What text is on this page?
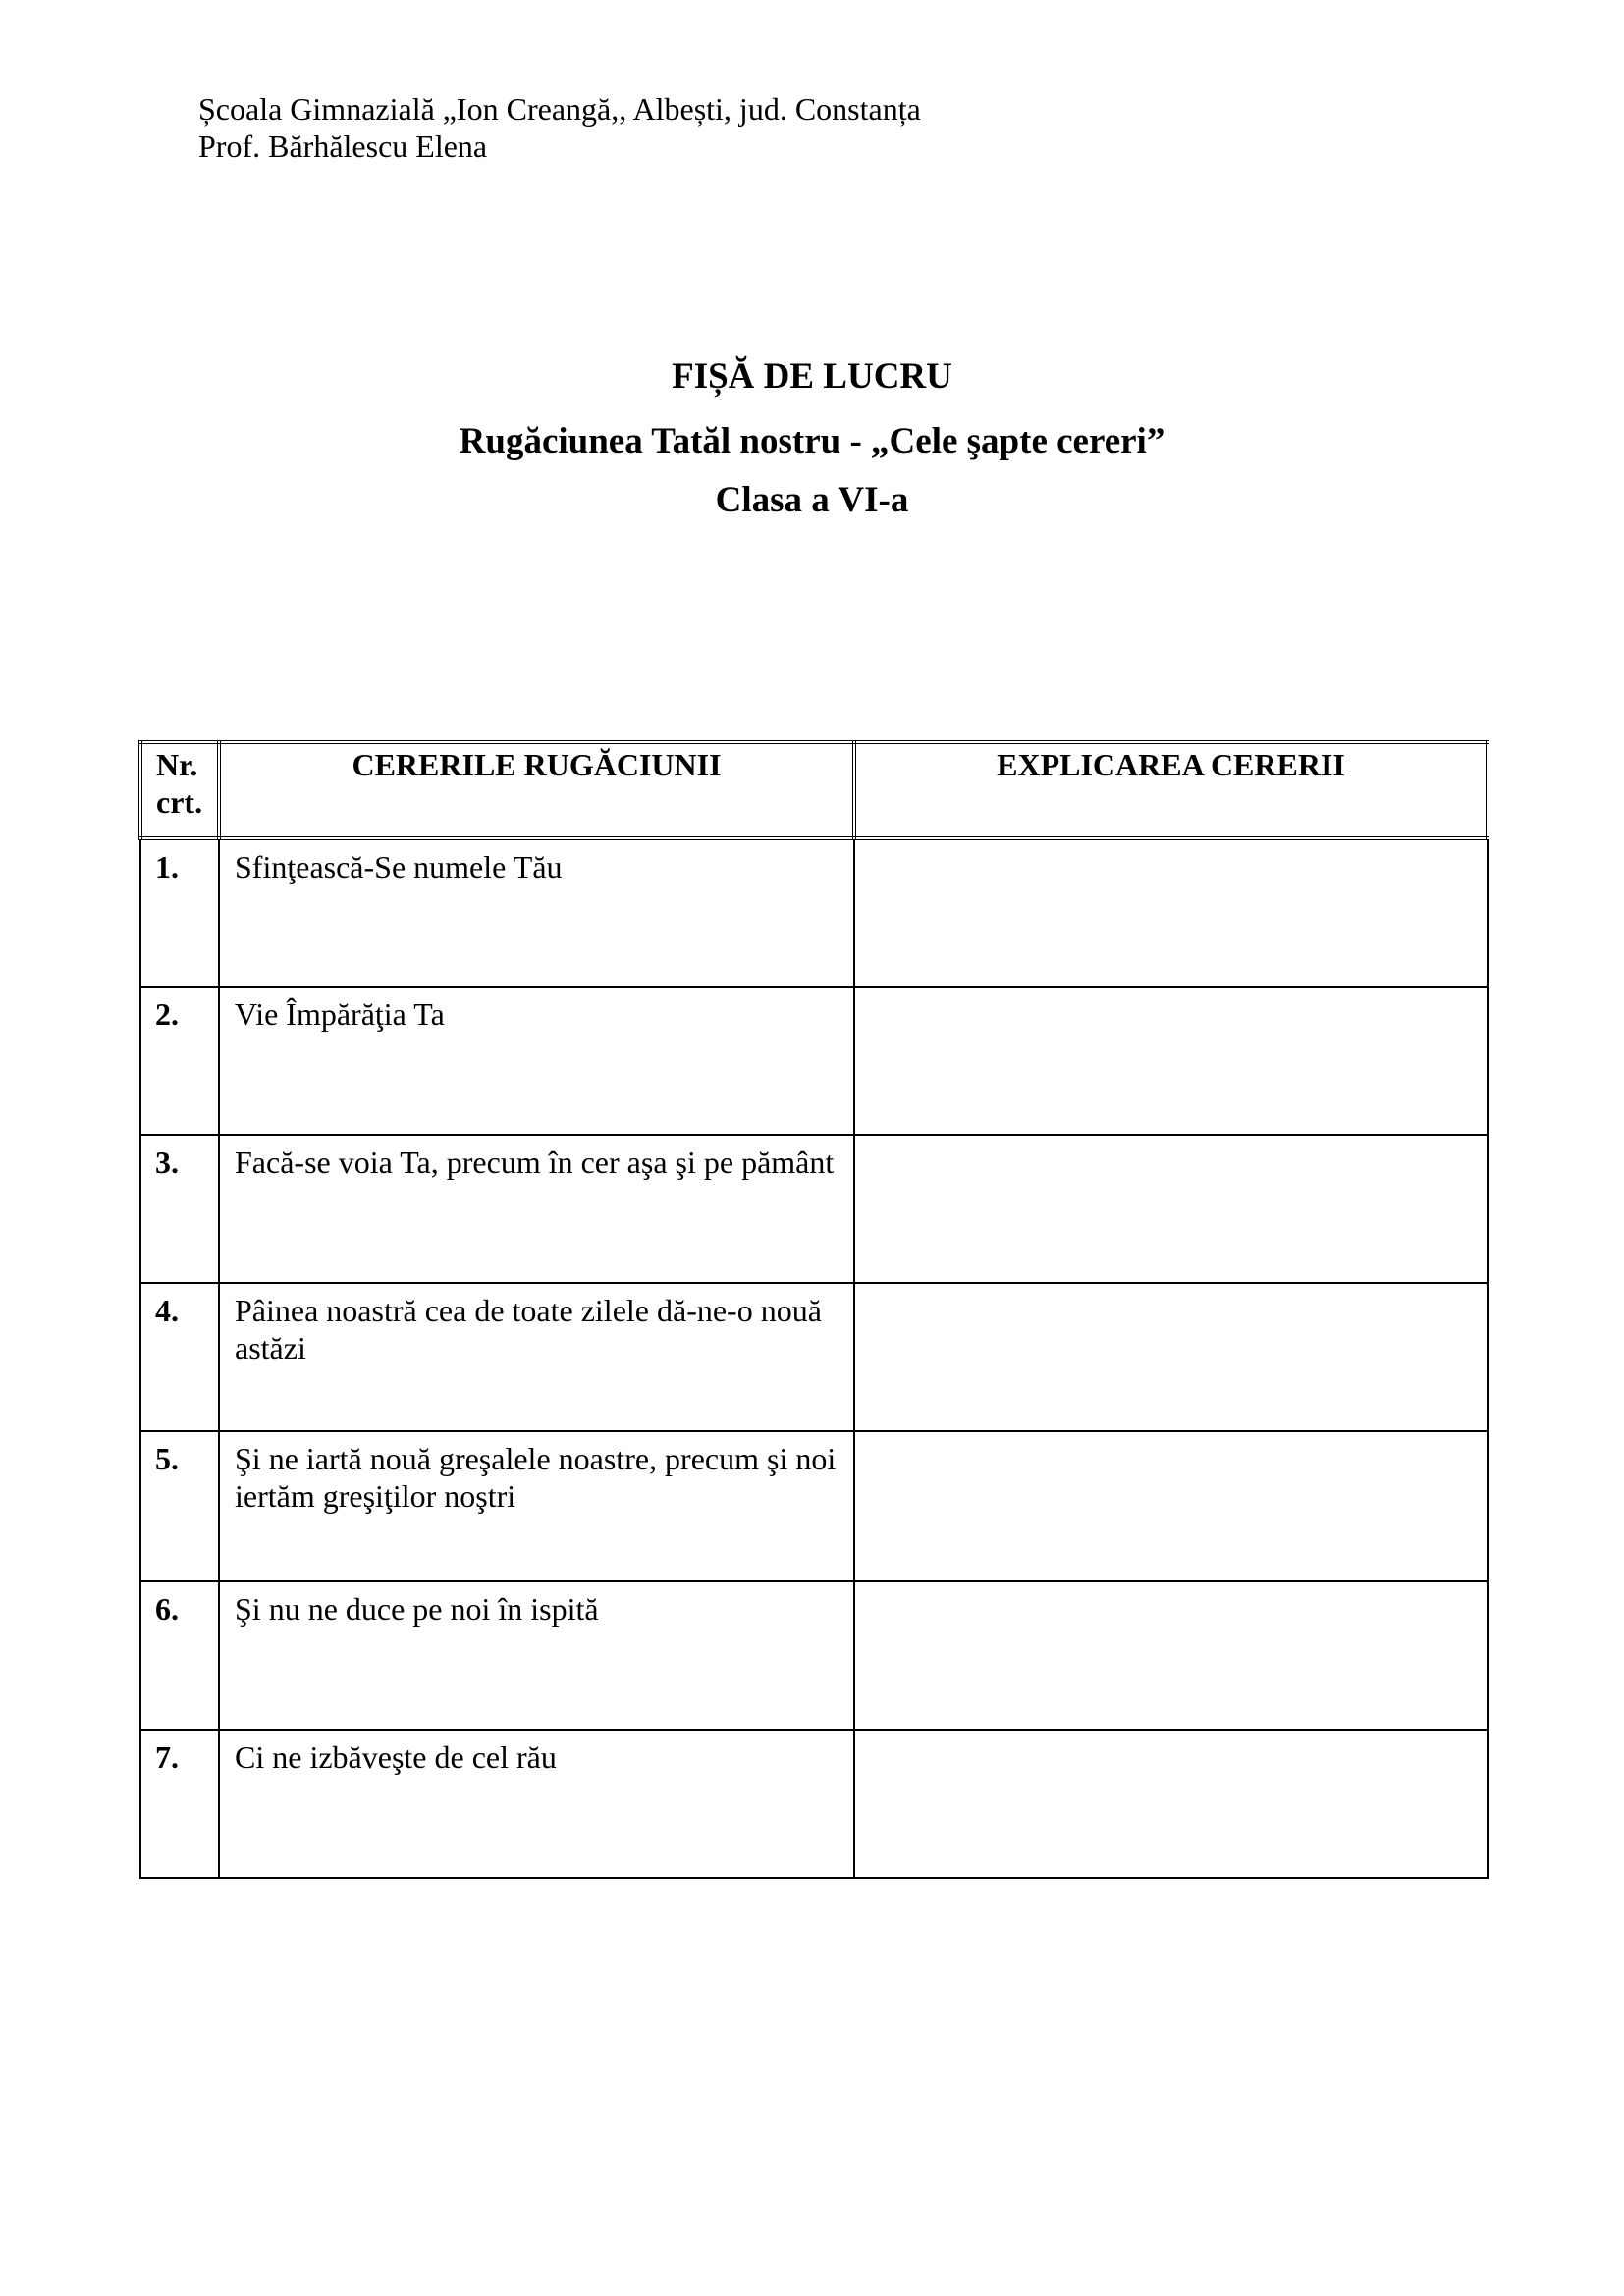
Școala Gimnazială „Ion Creangă,, Albești, jud. Constanța
Prof. Bărhălescu Elena
FIȘĂ DE LUCRU
Rugăciunea Tatăl nostru - „Cele şapte cereri”
Clasa a VI-a
Nr. crt.	CERERILE RUGĂCIUNII	EXPLICAREA CERERII
1.	Sfinţească-Se numele Tău	
2.	Vie Împărăţia Ta	
3.	Facă-se voia Ta, precum în cer aşa şi pe pământ	
4.	Pâinea noastră cea de toate zilele dă-ne-o nouă astăzi	
5.	Şi ne iartă nouă greşalele noastre, precum şi noi iertăm greşiţilor noştri	
6.	Şi nu ne duce pe noi în ispită	
7.	Ci ne izbăveşte de cel rău	
